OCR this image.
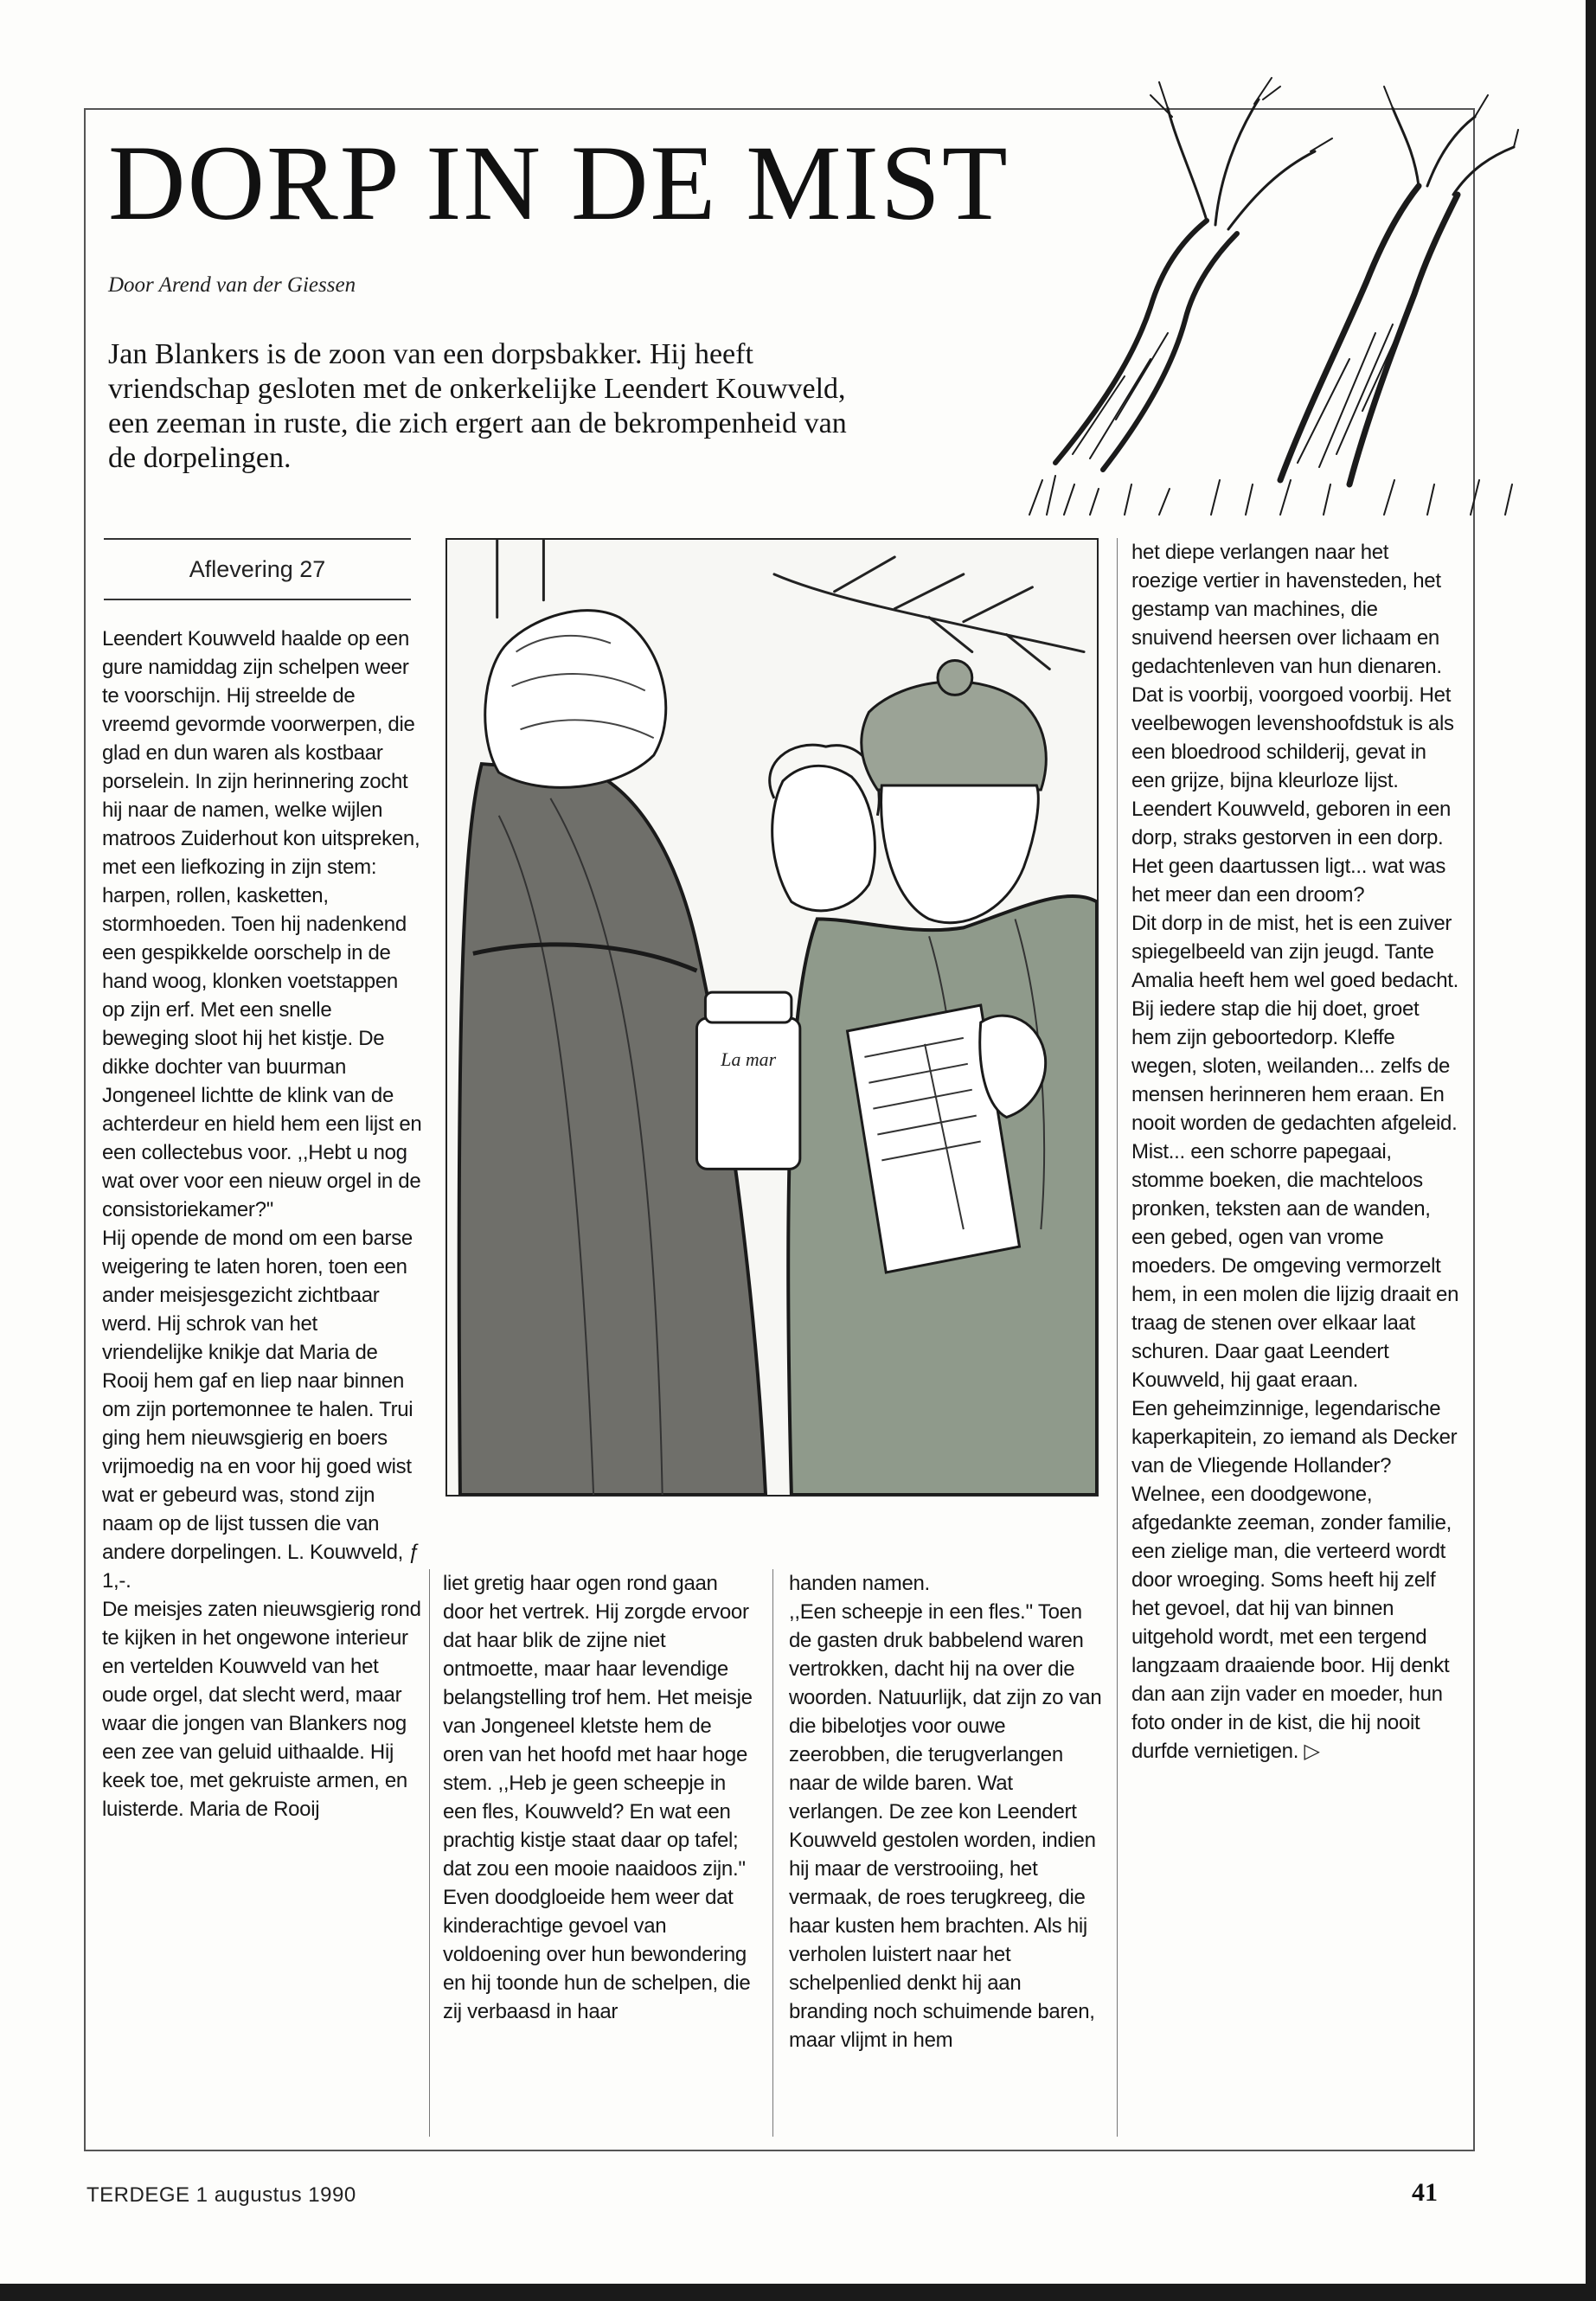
DORP IN DE MIST
Door Arend van der Giessen

Jan Blankers is de zoon van een dorpsbakker. Hij heeft vriendschap gesloten met de onkerkelijke Leendert Kouwveld, een zeeman in ruste, die zich ergert aan de bekrompenheid van de dorpelingen.

Aflevering 27

Leendert Kouwveld haalde op een gure namiddag zijn schelpen weer te voorschijn. Hij streelde de vreemd gevormde voorwerpen, die glad en dun waren als kostbaar porselein. In zijn herinnering zocht hij naar de namen, welke wijlen matroos Zuiderhout kon uitspreken, met een liefkozing in zijn stem: harpen, rollen, kasketten, stormhoeden. Toen hij nadenkend een gespikkelde oorschelp in de hand woog, klonken voetstappen op zijn erf. Met een snelle beweging sloot hij het kistje. De dikke dochter van buurman Jongeneel lichtte de klink van de achterdeur en hield hem een lijst en een collectebus voor. ,,Hebt u nog wat over voor een nieuw orgel in de consistoriekamer?''

Hij opende de mond om een barse weigering te laten horen, toen een ander meisjesgezicht zichtbaar werd. Hij schrok van het vriendelijke knikje dat Maria de Rooij hem gaf en liep naar binnen om zijn portemonnee te halen. Trui ging hem nieuwsgierig en boers vrijmoedig na en voor hij goed wist wat er gebeurd was, stond zijn naam op de lijst tussen die van andere dorpelingen. L. Kouwveld, ƒ 1,-.

De meisjes zaten nieuwsgierig rond te kijken in het ongewone interieur en vertelden Kouwveld van het oude orgel, dat slecht werd, maar waar die jongen van Blankers nog een zee van geluid uithaalde. Hij keek toe, met gekruiste armen, en luisterde. Maria de Rooij

La mar

liet gretig haar ogen rond gaan door het vertrek. Hij zorgde ervoor dat haar blik de zijne niet ontmoette, maar haar levendige belangstelling trof hem. Het meisje van Jongeneel kletste hem de oren van het hoofd met haar hoge stem. ,,Heb je geen scheepje in een fles, Kouwveld? En wat een prachtig kistje staat daar op tafel; dat zou een mooie naaidoos zijn.''

Even doodgloeide hem weer dat kinderachtige gevoel van voldoening over hun bewondering en hij toonde hun de schelpen, die zij verbaasd in haar

handen namen.

,,Een scheepje in een fles.'' Toen de gasten druk babbelend waren vertrokken, dacht hij na over die woorden. Natuurlijk, dat zijn zo van die bibelotjes voor ouwe zeerobben, die terugverlangen naar de wilde baren. Wat verlangen. De zee kon Leendert Kouwveld gestolen worden, indien hij maar de verstrooiing, het vermaak, de roes terugkreeg, die haar kusten hem brachten. Als hij verholen luistert naar het schelpenlied denkt hij aan branding noch schuimende baren, maar vlijmt in hem

het diepe verlangen naar het roezige vertier in havensteden, het gestamp van machines, die snuivend heersen over lichaam en gedachtenleven van hun dienaren.

Dat is voorbij, voorgoed voorbij. Het veelbewogen levenshoofdstuk is als een bloedrood schilderij, gevat in een grijze, bijna kleurloze lijst. Leendert Kouwveld, geboren in een dorp, straks gestorven in een dorp. Het geen daartussen ligt... wat was het meer dan een droom?

Dit dorp in de mist, het is een zuiver spiegelbeeld van zijn jeugd. Tante Amalia heeft hem wel goed bedacht. Bij iedere stap die hij doet, groet hem zijn geboortedorp. Kleffe wegen, sloten, weilanden... zelfs de mensen herinneren hem eraan. En nooit worden de gedachten afgeleid. Mist... een schorre papegaai, stomme boeken, die machteloos pronken, teksten aan de wanden, een gebed, ogen van vrome moeders. De omgeving vermorzelt hem, in een molen die lijzig draait en traag de stenen over elkaar laat schuren. Daar gaat Leendert Kouwveld, hij gaat eraan.

Een geheimzinnige, legendarische kaperkapitein, zo iemand als Decker van de Vliegende Hollander? Welnee, een doodgewone, afgedankte zeeman, zonder familie, een zielige man, die verteerd wordt door wroeging. Soms heeft hij zelf het gevoel, dat hij van binnen uitgehold wordt, met een tergend langzaam draaiende boor. Hij denkt dan aan zijn vader en moeder, hun foto onder in de kist, die hij nooit durfde vernietigen. ▷

TERDEGE 1 augustus 1990	41
